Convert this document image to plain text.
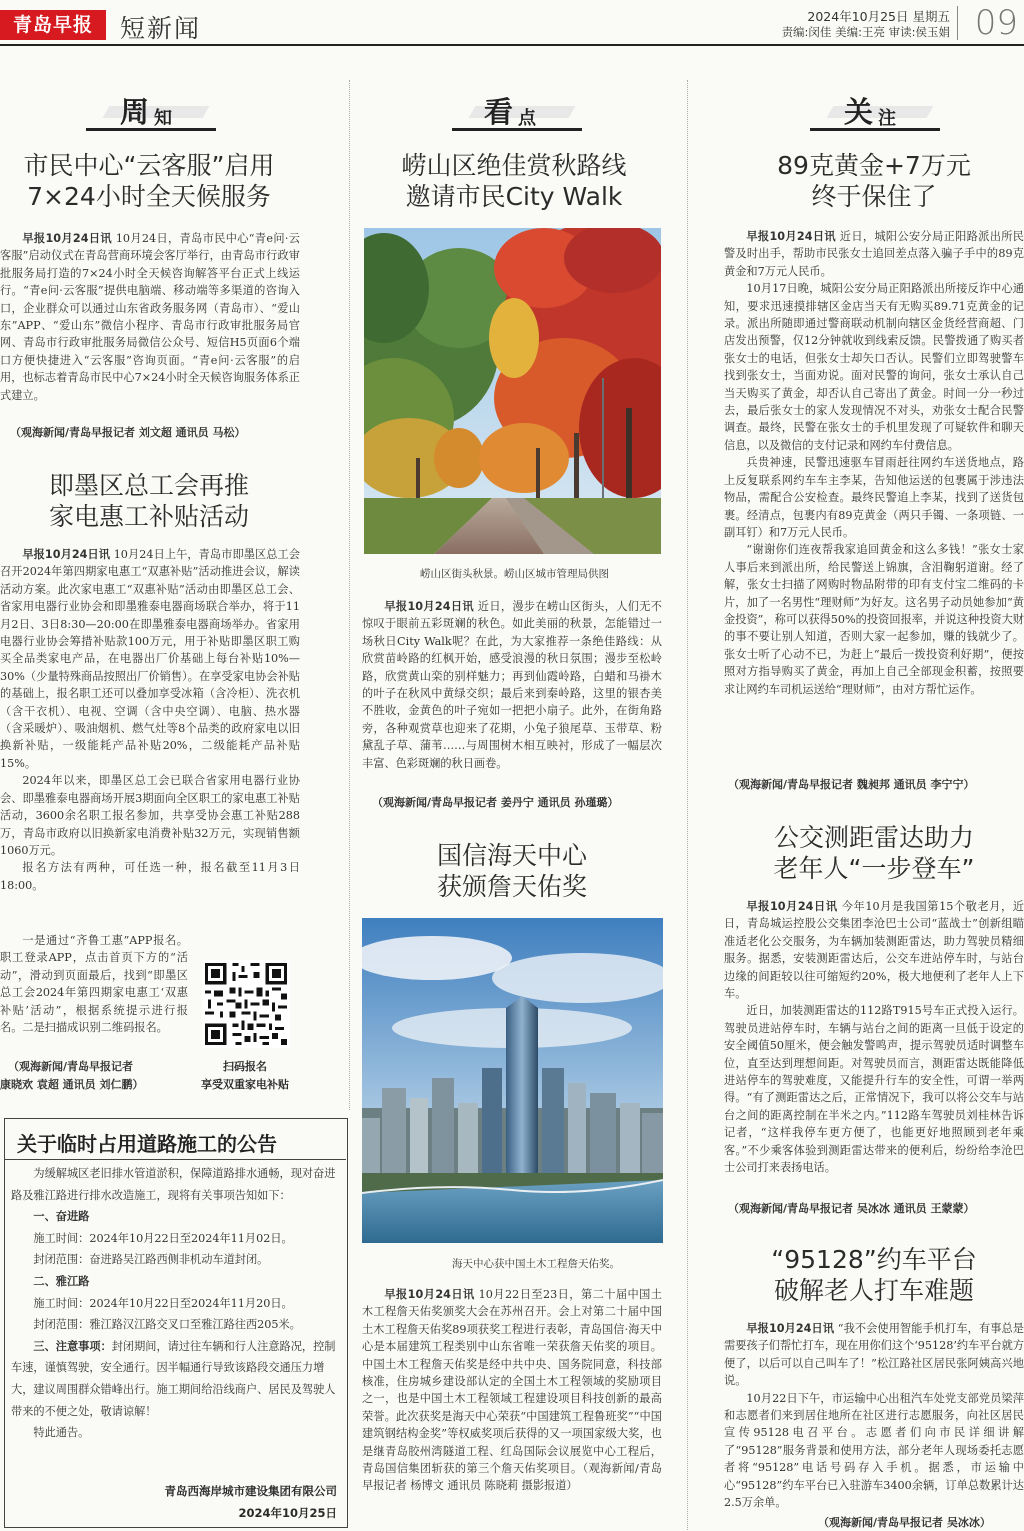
青岛早报	短新闻	2024年10月25日 星期五
责编:闵佳 美编:王亮 审读:侯玉娟 09
周 知
市民中心“云客服”启用
7×24小时全天候服务

早报10月24日讯 10月24日，青岛市民中心“青e问·云客服”启动仪式在青岛营商环境会客厅举行，由青岛市行政审批服务局打造的7×24小时全天候咨询解答平台正式上线运行。“青e问·云客服”提供电脑端、移动端等多渠道的咨询入口，企业群众可以通过山东省政务服务网（青岛市）、“爱山东”APP、“爱山东”微信小程序、青岛市行政审批服务局官网、青岛市行政审批服务局微信公众号、短信H5页面6个端口方便快捷进入“云客服”咨询页面。“青e问·云客服”的启用，也标志着青岛市民中心7×24小时全天候咨询服务体系正式建立。

（观海新闻/青岛早报记者 刘文超 通讯员 马松）
即墨区总工会再推
家电惠工补贴活动

早报10月24日讯 10月24日上午，青岛市即墨区总工会召开2024年第四期家电惠工“双惠补贴”活动推进会议，解读活动方案。此次家电惠工“双惠补贴”活动由即墨区总工会、省家用电器行业协会和即墨雅泰电器商场联合举办，将于11月2日、3日8:30—20:00在即墨雅泰电器商场举办。省家用电器行业协会筹措补贴款100万元，用于补贴即墨区职工购买全品类家电产品，在电器出厂价基础上每台补贴10%—30%（少量特殊商品按照出厂价销售）。在享受家电协会补贴的基础上，报名职工还可以叠加享受冰箱（含冷柜）、洗衣机（含干衣机）、电视、空调（含中央空调）、电脑、热水器（含采暖炉）、吸油烟机、燃气灶等8个品类的政府家电以旧换新补贴，一级能耗产品补贴20%，二级能耗产品补贴15%。

2024年以来，即墨区总工会已联合省家用电器行业协会、即墨雅泰电器商场开展3期面向全区职工的家电惠工补贴活动，3600余名职工报名参加，共享受协会惠工补贴288万，青岛市政府以旧换新家电消费补贴32万元，实现销售额1060万元。

报名方法有两种，可任选一种，报名截至11月3日18:00。

一是通过“齐鲁工惠”APP报名。职工登录APP，点击首页下方的“活动”，滑动到页面最后，找到“即墨区总工会2024年第四期家电惠工‘双惠补贴’活动”，根据系统提示进行报名。二是扫描成识别二维码报名。

（观海新闻/青岛早报记者
康晓欢 袁超 通讯员 刘仁鹏）
扫码报名
享受双重家电补贴
关于临时占用道路施工的公告

为缓解城区老旧排水管道淤积，保障道路排水通畅，现对奋进路及雅江路进行排水改造施工，现将有关事项告知如下：

一、奋进路

施工时间：2024年10月22日至2024年11月02日。

封闭范围：奋进路吴江路西侧非机动车道封闭。

二、雅江路

施工时间：2024年10月22日至2024年11月20日。

封闭范围：雅江路汉江路交叉口至雅江路往西205米。

三、注意事项：封闭期间，请过往车辆和行人注意路况，控制车速，谨慎驾驶，安全通行。因半幅通行导致该路段交通压力增大，建议周围群众错峰出行。施工期间给沿线商户、居民及驾驶人带来的不便之处，敬请谅解！

特此通告。

青岛西海岸城市建设集团有限公司
2024年10月25日
看 点
崂山区绝佳赏秋路线
邀请市民City Walk
崂山区街头秋景。崂山区城市管理局供图

早报10月24日讯 近日，漫步在崂山区街头，人们无不惊叹于眼前五彩斑斓的秋色。如此美丽的秋景，怎能错过一场秋日City Walk呢？在此，为大家推荐一条绝佳路线：从欣赏苗岭路的红枫开始，感受浪漫的秋日氛围；漫步至松岭路，欣赏黄山栾的别样魅力；再到仙霞岭路，白蜡和马褂木的叶子在秋风中黄绿交织；最后来到秦岭路，这里的银杏美不胜收，金黄色的叶子宛如一把把小扇子。此外，在街角路旁，各种观赏草也迎来了花期，小兔子狼尾草、玉带草、粉黛乱子草、蒲苇……与周围树木相互映衬，形成了一幅层次丰富、色彩斑斓的秋日画卷。

（观海新闻/青岛早报记者 姜丹宁 通讯员 孙瑾璐）
国信海天中心
获颁詹天佑奖
海天中心获中国土木工程詹天佑奖。

早报10月24日讯 10月22日至23日，第二十届中国土木工程詹天佑奖颁奖大会在苏州召开。会上对第二十届中国土木工程詹天佑奖89项获奖工程进行表彰，青岛国信·海天中心是本届建筑工程类别中山东省唯一荣获詹天佑奖的项目。中国土木工程詹天佑奖是经中共中央、国务院同意，科技部核准，住房城乡建设部认定的全国土木工程领域的奖励项目之一，也是中国土木工程领域工程建设项目科技创新的最高荣誉。此次获奖是海天中心荣获“中国建筑工程鲁班奖”“中国建筑钢结构金奖”等权威奖项后获得的又一项国家级大奖，也是继青岛胶州湾隧道工程、红岛国际会议展览中心工程后，青岛国信集团斩获的第三个詹天佑奖项目。（观海新闻/青岛早报记者 杨博文 通讯员 陈晓莉 摄影报道）

关 注
89克黄金+7万元
终于保住了

早报10月24日讯 近日，城阳公安分局正阳路派出所民警及时出手，帮助市民张女士追回差点落入骗子手中的89克黄金和7万元人民币。

10月17日晚，城阳公安分局正阳路派出所接反诈中心通知，要求迅速摸排辖区金店当天有无购买89.71克黄金的记录。派出所随即通过警商联动机制向辖区金货经营商超、门店发出预警，仅12分钟就收到线索反馈。民警拨通了购买者张女士的电话，但张女士却矢口否认。民警们立即驾驶警车找到张女士，当面劝说。面对民警的询问，张女士承认自己当天购买了黄金，却否认自己寄出了黄金。时间一分一秒过去，最后张女士的家人发现情况不对头，劝张女士配合民警调查。最终，民警在张女士的手机里发现了可疑软件和聊天信息，以及微信的支付记录和网约车付费信息。

兵贵神速，民警迅速驱车冒雨赶往网约车送货地点，路上反复联系网约车车主李某，告知他运送的包裹属于涉违法物品，需配合公安检查。最终民警追上李某，找到了送货包裹。经清点，包裹内有89克黄金（两只手镯、一条项链、一副耳钉）和7万元人民币。

“谢谢你们连夜帮我家追回黄金和这么多钱！”张女士家人事后来到派出所，给民警送上锦旗，含泪鞠躬道谢。经了解，张女士扫描了网购时物品附带的印有支付宝二维码的卡片，加了一名男性“理财师”为好友。这名男子动员她参加“黄金投资”，称可以获得50%的投资回报率，并说这种投资大财的事不要让别人知道，否则大家一起参加，赚的钱就少了。张女士听了心动不已，为赶上“最后一拨投资利好期”，便按照对方指导购买了黄金，再加上自己全部现金积蓄，按照要求让网约车司机运送给“理财师”，由对方帮忙运作。

（观海新闻/青岛早报记者 魏昶邦 通讯员 李宁宁）
公交测距雷达助力
老年人“一步登车”

早报10月24日讯 今年10月是我国第15个敬老月，近日，青岛城运控股公交集团李沧巴士公司“蓝战士”创新组瞄准适老化公交服务，为车辆加装测距雷达，助力驾驶员精细服务。据悉，安装测距雷达后，公交车进站停车时，与站台边缘的间距较以往可缩短约20%，极大地便利了老年人上下车。

近日，加装测距雷达的112路T915号车正式投入运行。驾驶员进站停车时，车辆与站台之间的距离一旦低于设定的安全阈值50厘米，便会触发警鸣声，提示驾驶员适时调整车位，直至达到理想间距。对驾驶员而言，测距雷达既能降低进站停车的驾驶难度，又能提升行车的安全性，可谓一举两得。“有了测距雷达之后，正常情况下，我可以将公交车与站台之间的距离控制在半米之内。”112路车驾驶员刘桂林告诉记者，“这样我停车更方便了，也能更好地照顾到老年乘客。”不少乘客体验到测距雷达带来的便利后，纷纷给李沧巴士公司打来表扬电话。

（观海新闻/青岛早报记者 吴冰冰 通讯员 王蒙蒙）
“95128”约车平台
破解老人打车难题

早报10月24日讯 “我不会使用智能手机打车，有事总是需要孩子们帮忙打车，现在用你们这个‘95128’约车平台就方便了，以后可以自己叫车了！”松江路社区居民张阿姨高兴地说。

10月22日下午，市运输中心出租汽车处党支部党员梁萍和志愿者们来到居住地所在社区进行志愿服务，向社区居民宣传95128电召平台。志愿者们向市民详细讲解了“95128”服务背景和使用方法，部分老年人现场委托志愿者将“95128”电话号码存入手机。据悉，市运输中心“95128”约车平台已入驻游车3400余辆，订单总数累计达2.5万余单。

（观海新闻/青岛早报记者 吴冰冰）
